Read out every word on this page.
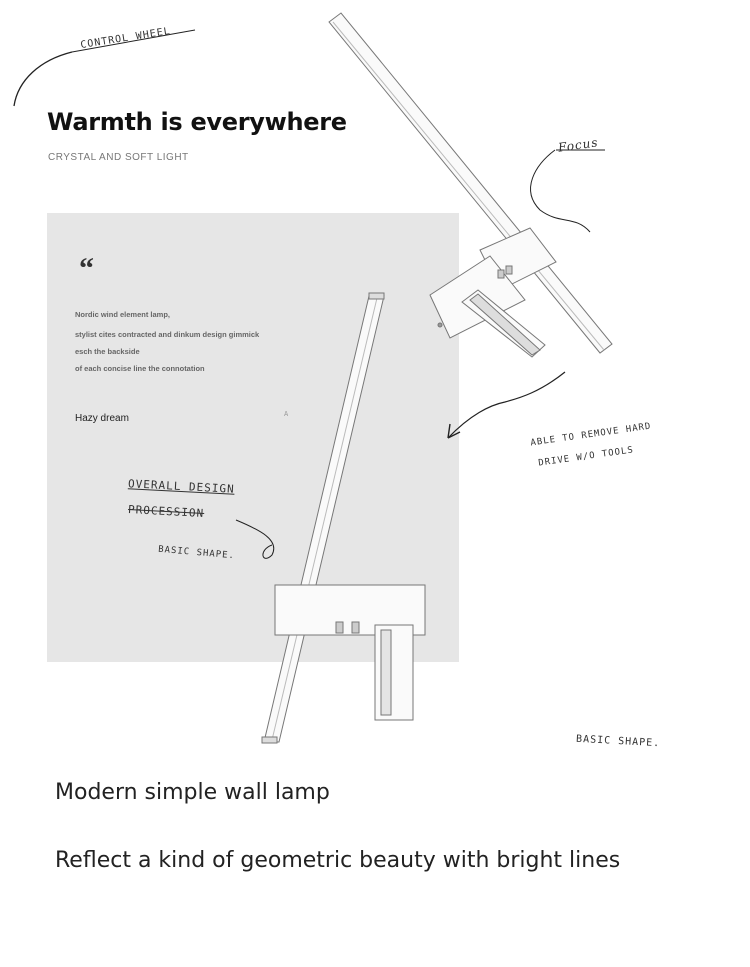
Warmth is everywhere
CRYSTAL AND SOFT LIGHT
“
Nordic wind element lamp,
stylist cites contracted and dinkum design gimmick
esch the backside
of each concise line the connotation
Hazy dream
CONTROL WHEEL
Focus
ABLE TO REMOVE HARD
DRIVE W/O TOOLS
OVERALL DESIGN
PROCESSION
BASIC SHAPE.
BASIC SHAPE.
A
Modern simple wall lamp
Reflect a kind of geometric beauty with bright lines
